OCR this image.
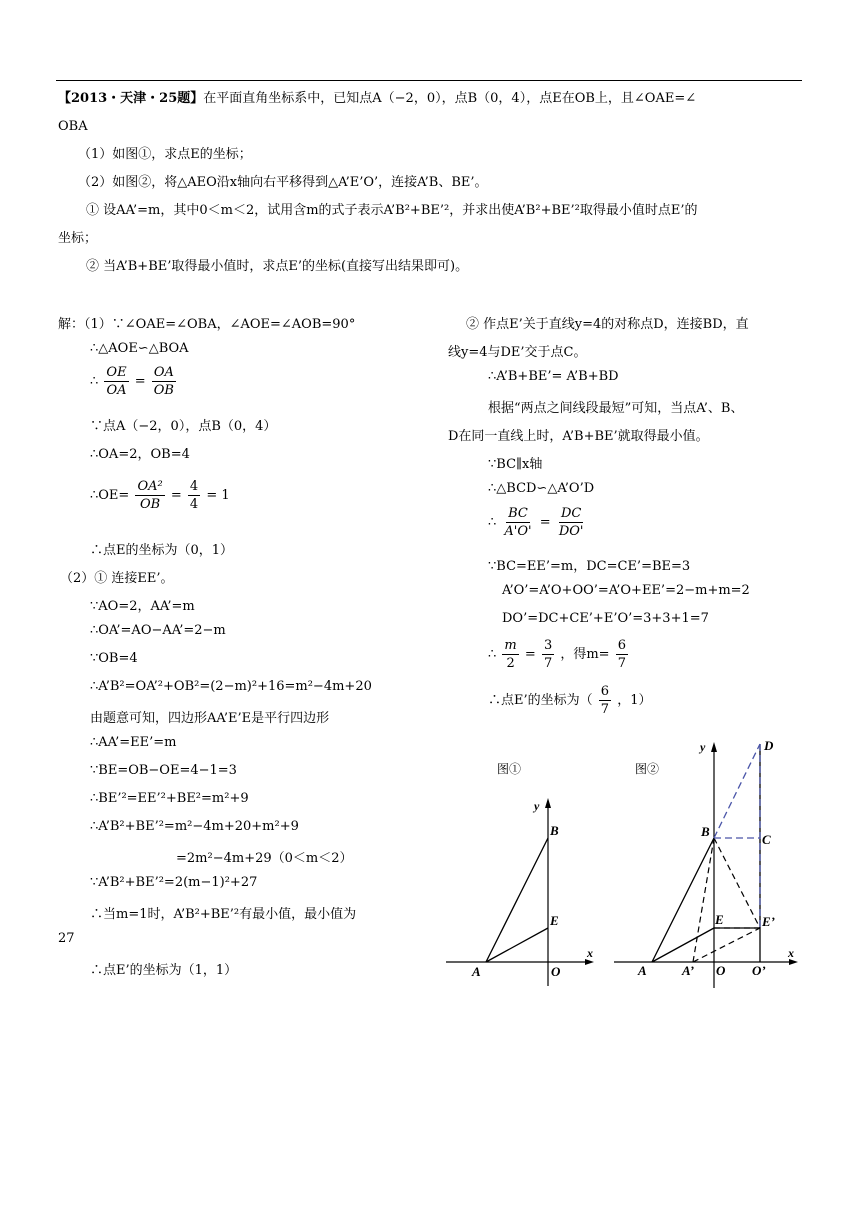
【2013・天津・25题】在平面直角坐标系中，已知点A（−2，0），点B（0，4），点E在OB上，且∠OAE=∠

OBA

（1）如图①，求点E的坐标；

（2）如图②，将△AEO沿x轴向右平移得到△A’E’O’，连接A’B、BE’。

① 设AA’=m，其中0＜m＜2，试用含m的式子表示A’B²+BE’²，并求出使A’B²+BE’²取得最小值时点E’的

坐标；

② 当A’B+BE’取得最小值时，求点E’的坐标(直接写出结果即可)。

解：（1）∵∠OAE=∠OBA，∠AOE=∠AOB=90°
∴△AOE∽△BOA
∴ $\frac{OE}{OA} = \frac{OA}{OB}$
∵点A（−2，0），点B（0，4）
∴OA=2，OB=4
∴OE= $\frac{\text{OA²}}{OB} = \frac{4}{4} = 1$
∴点E的坐标为（0，1）
（2）① 连接EE’。
∵AO=2，AA’=m
∴OA’=AO−AA’=2−m
∵OB=4
∴A’B²=OA’²+OB²=(2−m)²+16=m²−4m+20
由题意可知，四边形AA’E’E是平行四边形
∴AA’=EE’=m
∵BE=OB−OE=4−1=3
∴BE’²=EE’²+BE²=m²+9
∴A’B²+BE’²=m²−4m+20+m²+9
=2m²−4m+29（0＜m＜2）
∵A’B²+BE’²=2(m−1)²+27
∴当m=1时，A’B²+BE’²有最小值，最小值为
27
∴点E’的坐标为（1，1）
② 作点E’关于直线y=4的对称点D，连接BD，直
线y=4与DE’交于点C。
∴A’B+BE’= A’B+BD
根据“两点之间线段最短”可知，当点A’、B、
D在同一直线上时，A’B+BE’就取得最小值。
∵BC∥x轴
∴△BCD∽△A’O’D
∴ $\frac{BC}{A'O'} = \frac{DC}{DO'}$
∵BC=EE’=m，DC=CE’=BE=3
A’O’=A’O+OO’=A’O+EE’=2−m+m=2
DO’=DC+CE’+E’O’=3+3+1=7
∴ $\frac{m}{2} = \frac{3}{7}$ ，得$m= \frac{6}{7}$
∴点E’的坐标为（ $\frac{6}{7}$ ，1）
图①
y
x
B
E
A	O
图②
y
x
D
B
C
E	E’
A	A’ O O’
